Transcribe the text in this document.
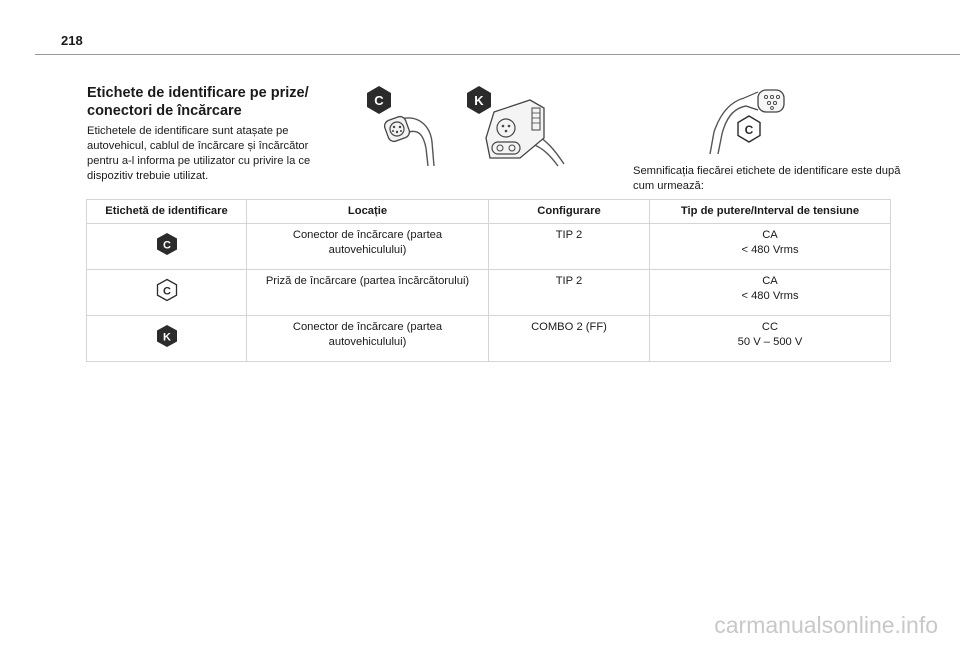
218
Etichete de identificare pe prize/ conectori de încărcare

Etichetele de identificare sunt atașate pe autovehicul, cablul de încărcare și încărcător pentru a-l informa pe utilizator cu privire la ce dispozitiv trebuie utilizat.

C	K
C

Semnificația fiecărei etichete de identificare este după cum urmează:

Etichetă de identificare	Locație	Configurare	Tip de putere/Interval de tensiune

C	Conector de încărcare (partea
autovehiculului)	TIP 2	CA
< 480 Vrms

C	Priză de încărcare (partea încărcătorului)	TIP 2	CA
< 480 Vrms

K	Conector de încărcare (partea
autovehiculului)	COMBO 2 (FF)	CC
50 V – 500 V
carmanualsonline.info
